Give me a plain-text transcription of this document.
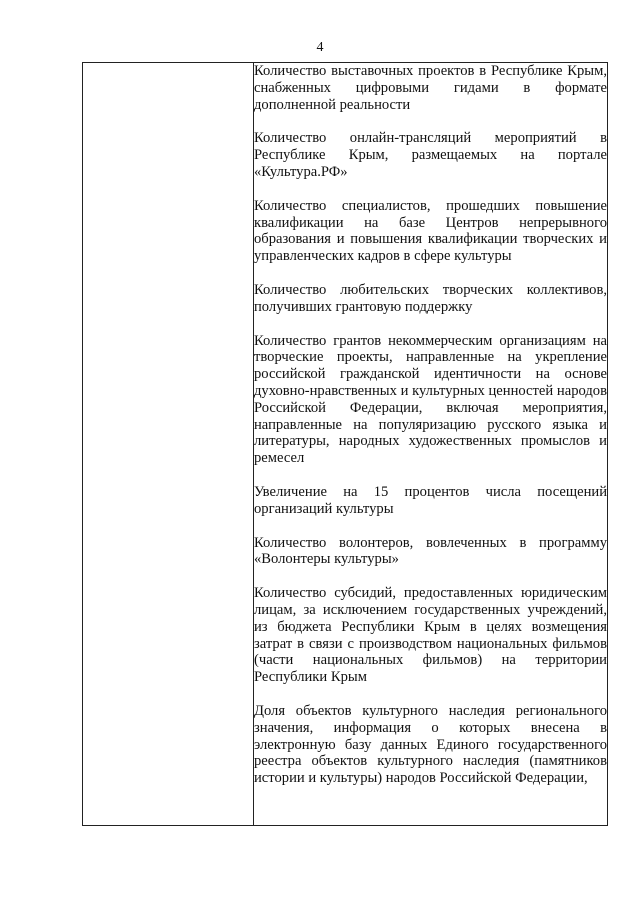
4

Количество выставочных проектов в Республике Крым, снабженных цифровыми гидами в формате дополненной реальности

Количество онлайн-трансляций мероприятий в Республике Крым, размещаемых на портале «Культура.РФ»

Количество специалистов, прошедших повышение квалификации на базе Центров непрерывного образования и повышения квалификации творческих и управленческих кадров в сфере культуры

Количество любительских творческих коллективов, получивших грантовую поддержку

Количество грантов некоммерческим организациям на творческие проекты, направленные на укрепление российской гражданской идентичности на основе духовно-нравственных и культурных ценностей народов Российской Федерации, включая мероприятия, направленные на популяризацию русского языка и литературы, народных художественных промыслов и ремесел

Увеличение на 15 процентов числа посещений организаций культуры

Количество волонтеров, вовлеченных в программу «Волонтеры культуры»

Количество субсидий, предоставленных юридическим лицам, за исключением государственных учреждений, из бюджета Республики Крым в целях возмещения затрат в связи с производством национальных фильмов (части национальных фильмов) на территории Республики Крым

Доля объектов культурного наследия регионального значения, информация о которых внесена в электронную базу данных Единого государственного реестра объектов культурного наследия (памятников истории и культуры) народов Российской Федерации,
